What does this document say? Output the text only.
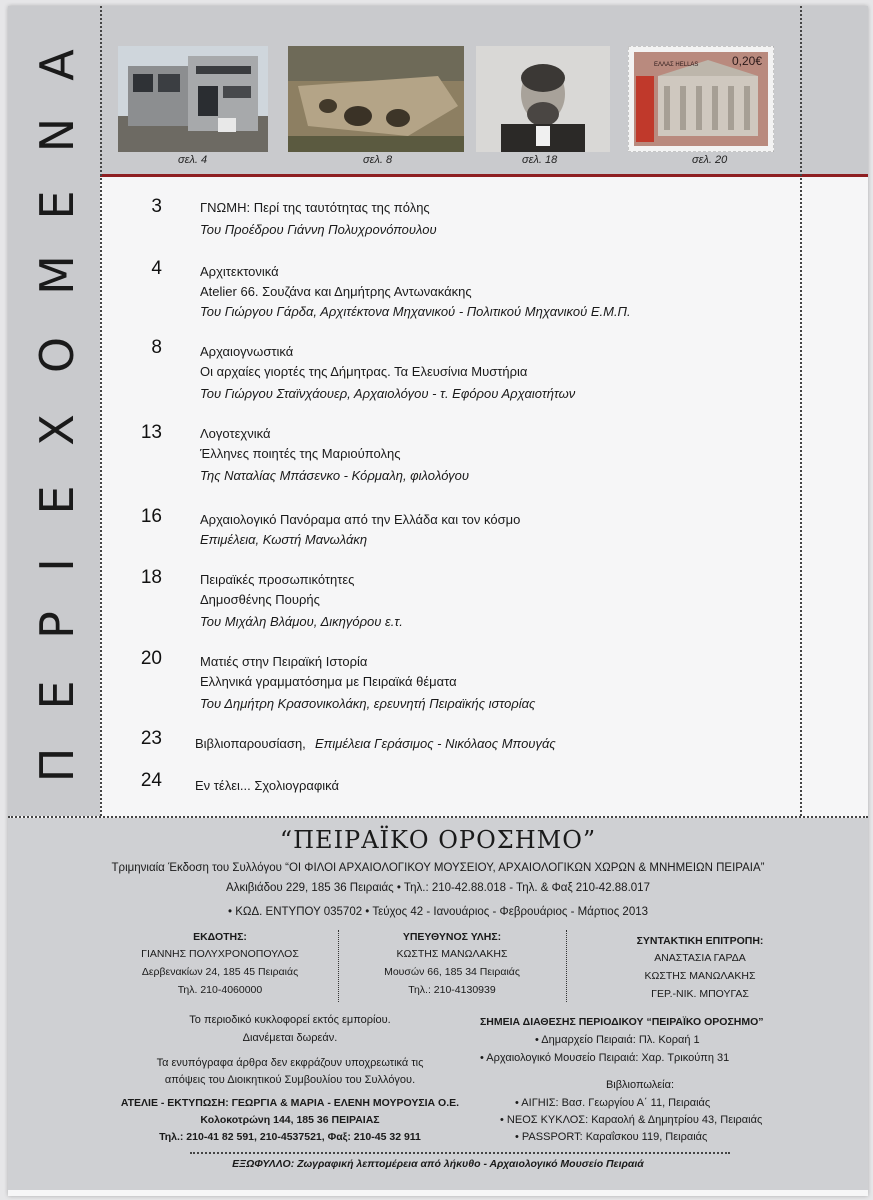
Α
Ν
Ε
Μ
Ο
Χ
Ε
Ι
Ρ
Ε
Π
0,20€
ΕΛΛΑΣ HELLAS
σελ. 4	σελ. 8	σελ. 18	σελ. 20
3	ΓΝΩΜΗ: Περί της ταυτότητας της πόλης
Του Προέδρου Γιάννη Πολυχρονόπουλου
4	Αρχιτεκτονικά
Atelier 66. Σουζάνα και Δημήτρης Αντωνακάκης
Του Γιώργου Γάρδα, Αρχιτέκτονα Μηχανικού - Πολιτικού Μηχανικού Ε.Μ.Π.
8	Αρχαιογνωστικά
Οι αρχαίες γιορτές της Δήμητρας. Τα Ελευσίνια Μυστήρια
Του Γιώργου Σταϊνχάουερ, Αρχαιολόγου - τ. Εφόρου Αρχαιοτήτων
13	Λογοτεχνικά
Έλληνες ποιητές της Μαριούπολης
Της Ναταλίας Μπάσενκο - Κόρμαλη, φιλολόγου
16	Αρχαιολογικό Πανόραμα από την Ελλάδα και τον κόσμο
Επιμέλεια, Κωστή Μανωλάκη
18	Πειραϊκές προσωπικότητες
Δημοσθένης Πουρής
Του Μιχάλη Βλάμου, Δικηγόρου ε.τ.
20	Ματιές στην Πειραϊκή Ιστορία
Ελληνικά γραμματόσημα με Πειραϊκά θέματα
Του Δημήτρη Κρασονικολάκη, ερευνητή Πειραϊκής ιστορίας
23	Βιβλιοπαρουσίαση, Επιμέλεια Γεράσιμος - Νικόλαος Μπουγάς
24	Εν τέλει... Σχολιογραφικά
“ΠΕΙΡΑΪΚΟ ΟΡΟΣΗΜΟ”
Τριμηνιαία Έκδοση του Συλλόγου “ΟΙ ΦΙΛΟΙ ΑΡΧΑΙΟΛΟΓΙΚΟΥ ΜΟΥΣΕΙΟΥ, ΑΡΧΑΙΟΛΟΓΙΚΩΝ ΧΩΡΩΝ & ΜΝΗΜΕΙΩΝ ΠΕΙΡΑΙΑ”
Αλκιβιάδου 229, 185 36 Πειραιάς • Τηλ.: 210-42.88.018 - Τηλ. & Φαξ 210-42.88.017
• ΚΩΔ. ΕΝΤΥΠΟΥ 035702 • Τεύχος 42 - Ιανουάριος - Φεβρουάριος - Μάρτιος 2013
ΕΚΔΟΤΗΣ:
ΓΙΑΝΝΗΣ ΠΟΛΥΧΡΟΝΟΠΟΥΛΟΣ
Δερβενακίων 24, 185 45 Πειραιάς
Τηλ. 210-4060000
ΥΠΕΥΘΥΝΟΣ ΥΛΗΣ:
ΚΩΣΤΗΣ ΜΑΝΩΛΑΚΗΣ
Μουσών 66, 185 34 Πειραιάς
Τηλ.: 210-4130939
ΣΥΝΤΑΚΤΙΚΗ ΕΠΙΤΡΟΠΗ:
ΑΝΑΣΤΑΣΙΑ ΓΑΡΔΑ
ΚΩΣΤΗΣ ΜΑΝΩΛΑΚΗΣ
ΓΕΡ.-ΝΙΚ. ΜΠΟΥΓΑΣ
Το περιοδικό κυκλοφορεί εκτός εμπορίου.
Διανέμεται δωρεάν.
Τα ενυπόγραφα άρθρα δεν εκφράζουν υποχρεωτικά τις
απόψεις του Διοικητικού Συμβουλίου του Συλλόγου.
ΑΤΕΛΙΕ - ΕΚΤΥΠΩΣΗ: ΓΕΩΡΓΙΑ & ΜΑΡΙΑ - ΕΛΕΝΗ ΜΟΥΡΟΥΣΙΑ Ο.Ε.
Κολοκοτρώνη 144, 185 36 ΠΕΙΡΑΙΑΣ
Τηλ.: 210-41 82 591, 210-4537521, Φαξ: 210-45 32 911
ΣΗΜΕΙΑ ΔΙΑΘΕΣΗΣ ΠΕΡΙΟΔΙΚΟΥ “ΠΕΙΡΑΪΚΟ ΟΡΟΣΗΜΟ”
• Δημαρχείο Πειραιά: Πλ. Κοραή 1
• Αρχαιολογικό Μουσείο Πειραιά: Χαρ. Τρικούπη 31
Βιβλιοπωλεία:
• ΑΙΓΗΙΣ: Βασ. Γεωργίου Α΄ 11, Πειραιάς
• ΝΕΟΣ ΚΥΚΛΟΣ: Καραολή & Δημητρίου 43, Πειραιάς
• PASSPORT: Καραΐσκου 119, Πειραιάς
ΕΞΩΦΥΛΛΟ: Ζωγραφική λεπτομέρεια από λήκυθο - Αρχαιολογικό Μουσείο Πειραιά
